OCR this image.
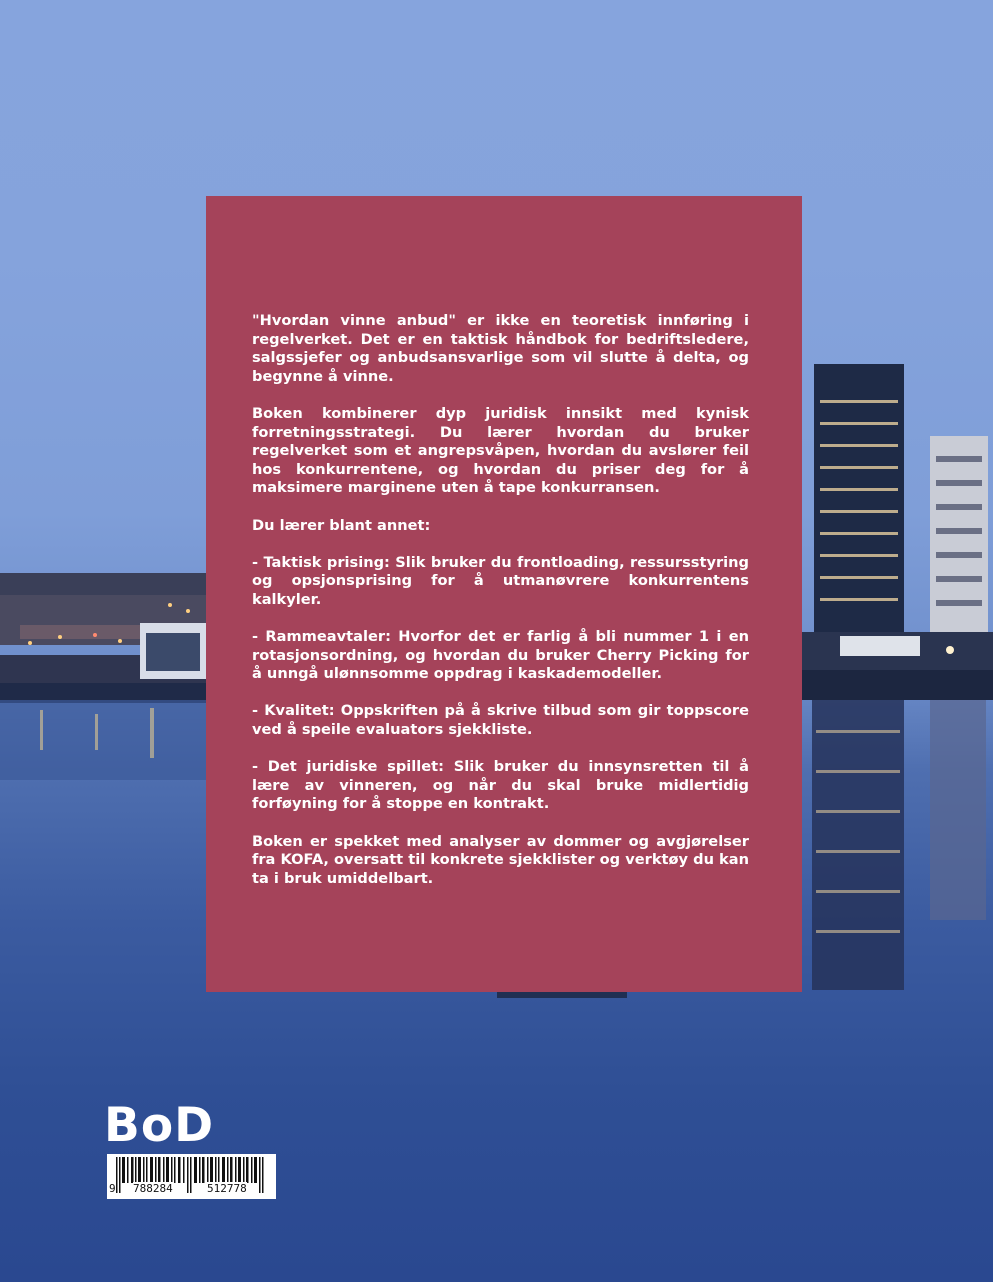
"Hvordan vinne anbud" er ikke en teoretisk innføring i regelverket. Det er en taktisk håndbok for bedriftsledere, salgssjefer og anbudsansvarlige som vil slutte å delta, og begynne å vinne.

Boken kombinerer dyp juridisk innsikt med kynisk forretningsstrategi. Du lærer hvordan du bruker regelverket som et angrepsvåpen, hvordan du avslører feil hos konkurrentene, og hvordan du priser deg for å maksimere marginene uten å tape konkurransen.

Du lærer blant annet:

- Taktisk prising: Slik bruker du frontloading, ressursstyring og opsjonsprising for å utmanøvrere konkurrentens kalkyler.

- Rammeavtaler: Hvorfor det er farlig å bli nummer 1 i en rotasjonsordning, og hvordan du bruker Cherry Picking for å unngå ulønnsomme oppdrag i kaskademodeller.

- Kvalitet: Oppskriften på å skrive tilbud som gir toppscore ved å speile evaluators sjekkliste.

- Det juridiske spillet: Slik bruker du innsynsretten til å lære av vinneren, og når du skal bruke midlertidig forføyning for å stoppe en kontrakt.

Boken er spekket med analyser av dommer og avgjørelser fra KOFA, oversatt til konkrete sjekklister og verktøy du kan ta i bruk umiddelbart.

BoD
9 788284	512778
